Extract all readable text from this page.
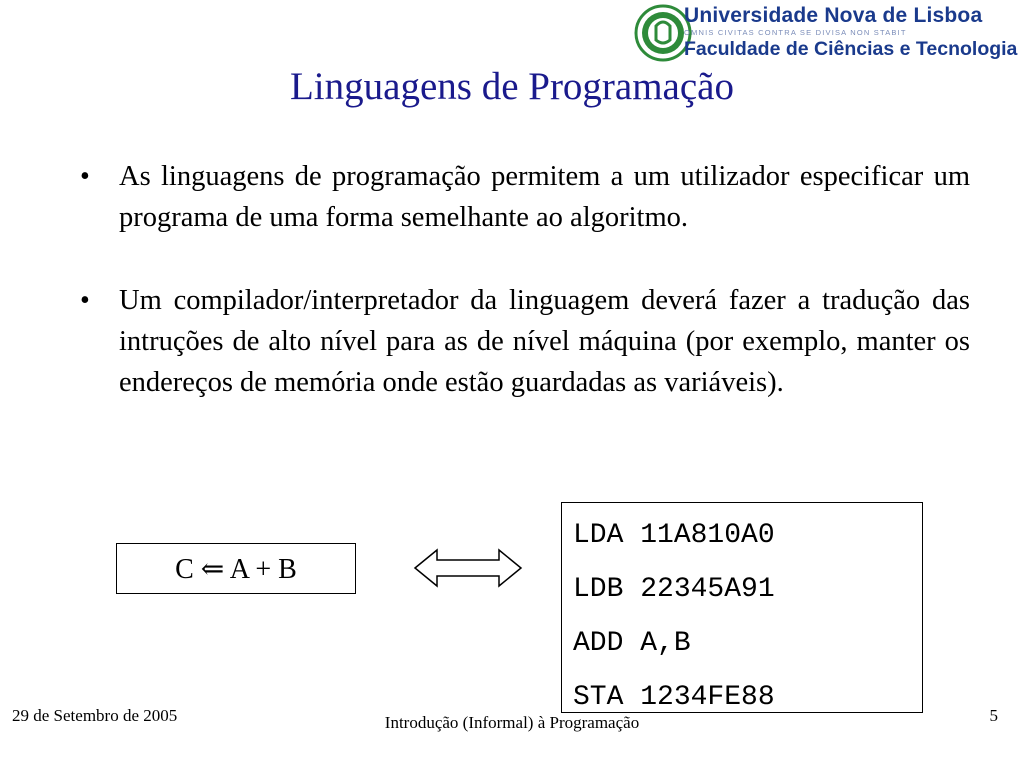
Universidade Nova de Lisboa
OMNIS CIVITAS CONTRA SE DIVISA NON STABIT
Faculdade de Ciências e Tecnologia
Linguagens de Programação
• As linguagens de programação permitem a um utilizador especificar um programa de uma forma semelhante ao algoritmo.
• Um compilador/interpretador da linguagem deverá fazer a tradução das intruções de alto nível para as de nível máquina (por exemplo, manter os endereços de memória onde estão guardadas as variáveis).
C ⇐ A + B
LDA 11A810A0
LDB 22345A91
ADD A,B
STA 1234FE88
29 de Setembro de 2005	Introdução (Informal) à Programação	5
